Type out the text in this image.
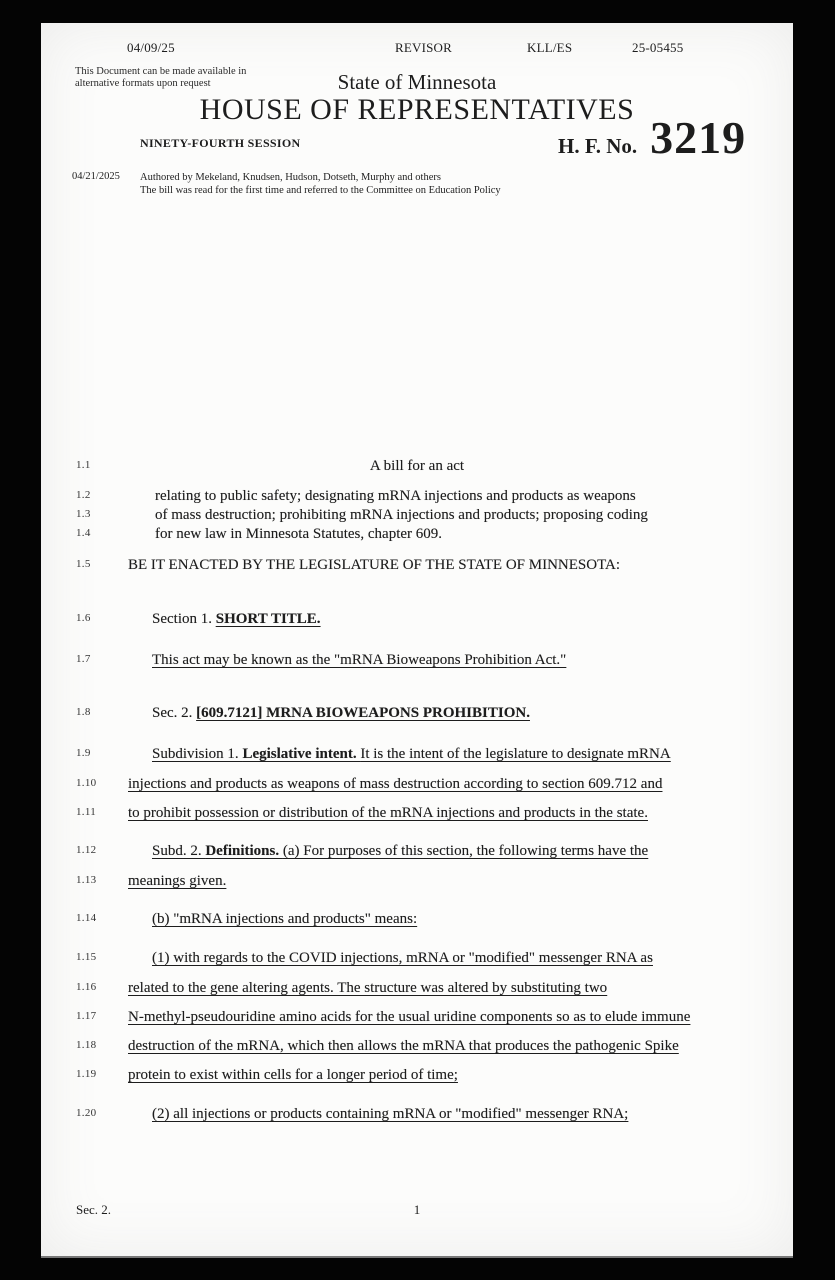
04/09/25	REVISOR	KLL/ES	25-05455
This Document can be made available in alternative formats upon request	State of Minnesota
HOUSE OF REPRESENTATIVES
NINETY-FOURTH SESSION	H. F. No. 3219
04/21/2025 Authored by Mekeland, Knudsen, Hudson, Dotseth, Murphy and others
The bill was read for the first time and referred to the Committee on Education Policy
1.1	A bill for an act
1.2	relating to public safety; designating mRNA injections and products as weapons
1.3	of mass destruction; prohibiting mRNA injections and products; proposing coding
1.4	for new law in Minnesota Statutes, chapter 609.
1.5 BE IT ENACTED BY THE LEGISLATURE OF THE STATE OF MINNESOTA:
1.6	Section 1. SHORT TITLE.
1.7	This act may be known as the "mRNA Bioweapons Prohibition Act."
1.8	Sec. 2. [609.7121] MRNA BIOWEAPONS PROHIBITION.
1.9	Subdivision 1. Legislative intent. It is the intent of the legislature to designate mRNA
1.10 injections and products as weapons of mass destruction according to section 609.712 and
1.11 to prohibit possession or distribution of the mRNA injections and products in the state.
1.12	Subd. 2. Definitions. (a) For purposes of this section, the following terms have the
1.13 meanings given.
1.14	(b) "mRNA injections and products" means:
1.15	(1) with regards to the COVID injections, mRNA or "modified" messenger RNA as
1.16 related to the gene altering agents. The structure was altered by substituting two
1.17 N-methyl-pseudouridine amino acids for the usual uridine components so as to elude immune
1.18 destruction of the mRNA, which then allows the mRNA that produces the pathogenic Spike
1.19 protein to exist within cells for a longer period of time;
1.20	(2) all injections or products containing mRNA or "modified" messenger RNA;
Sec. 2.	1
